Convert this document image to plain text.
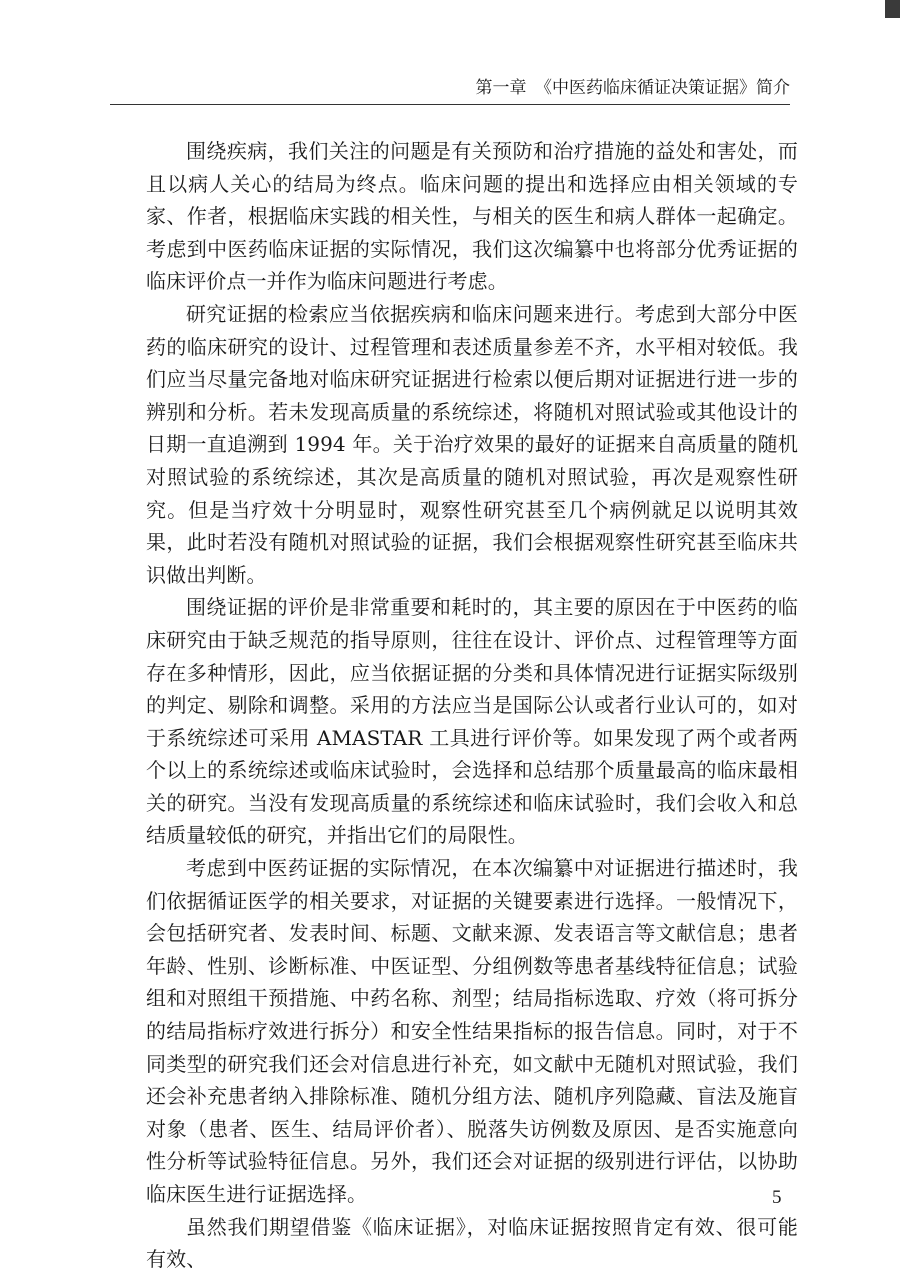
第一章　《中医药临床循证决策证据》简介

围绕疾病，我们关注的问题是有关预防和治疗措施的益处和害处，而且以病人关心的结局为终点。临床问题的提出和选择应由相关领域的专家、作者，根据临床实践的相关性，与相关的医生和病人群体一起确定。考虑到中医药临床证据的实际情况，我们这次编纂中也将部分优秀证据的临床评价点一并作为临床问题进行考虑。

研究证据的检索应当依据疾病和临床问题来进行。考虑到大部分中医药的临床研究的设计、过程管理和表述质量参差不齐，水平相对较低。我们应当尽量完备地对临床研究证据进行检索以便后期对证据进行进一步的辨别和分析。若未发现高质量的系统综述，将随机对照试验或其他设计的日期一直追溯到 1994 年。关于治疗效果的最好的证据来自高质量的随机对照试验的系统综述，其次是高质量的随机对照试验，再次是观察性研究。但是当疗效十分明显时，观察性研究甚至几个病例就足以说明其效果，此时若没有随机对照试验的证据，我们会根据观察性研究甚至临床共识做出判断。

围绕证据的评价是非常重要和耗时的，其主要的原因在于中医药的临床研究由于缺乏规范的指导原则，往往在设计、评价点、过程管理等方面存在多种情形，因此，应当依据证据的分类和具体情况进行证据实际级别的判定、剔除和调整。采用的方法应当是国际公认或者行业认可的，如对于系统综述可采用 AMASTAR 工具进行评价等。如果发现了两个或者两个以上的系统综述或临床试验时，会选择和总结那个质量最高的临床最相关的研究。当没有发现高质量的系统综述和临床试验时，我们会收入和总结质量较低的研究，并指出它们的局限性。

考虑到中医药证据的实际情况，在本次编纂中对证据进行描述时，我们依据循证医学的相关要求，对证据的关键要素进行选择。一般情况下，会包括研究者、发表时间、标题、文献来源、发表语言等文献信息；患者年龄、性别、诊断标准、中医证型、分组例数等患者基线特征信息；试验组和对照组干预措施、中药名称、剂型；结局指标选取、疗效（将可拆分的结局指标疗效进行拆分）和安全性结果指标的报告信息。同时，对于不同类型的研究我们还会对信息进行补充，如文献中无随机对照试验，我们还会补充患者纳入排除标准、随机分组方法、随机序列隐藏、盲法及施盲对象（患者、医生、结局评价者）、脱落失访例数及原因、是否实施意向性分析等试验特征信息。另外，我们还会对证据的级别进行评估，以协助临床医生进行证据选择。

虽然我们期望借鉴《临床证据》，对临床证据按照肯定有效、很可能有效、

5
